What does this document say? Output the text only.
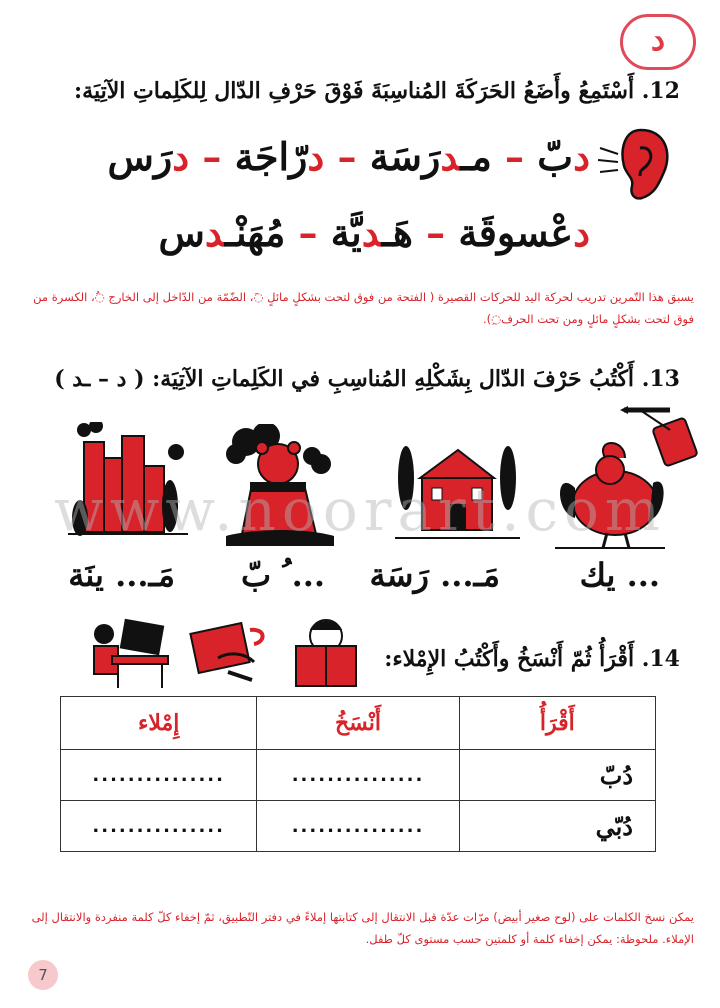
د
12. أَسْتَمِعُ وأَضَعُ الحَرَكَةَ المُناسِبَةَ فَوْقَ حَرْفِ الدّال لِلكَلِماتِ الآتِيَة:
دبّ – مـدرَسَة – درّاجَة – درَس
دعْسوقَة – هَـديَّة – مُهَنْـدس
يسبق هذا التّمرين تدريب لحركة اليد للحركات القصيرة ( الفتحة من فوق لتحت بشكلٍ مائلٍ ◌َ، الضّمّة من الدّاخل إلى الخارج ◌ُ، الكسرة من فوق لتحت بشكلٍ مائلٍ ومن تحت الحرف◌ِ).
13. أَكْتُبُ حَرْفَ الدّال بِشَكْلِهِ المُناسِبِ في الكَلِماتِ الآتِيَة: ( د – ـد )
www.noorart.com
... يك
مَـ... رَسَة
... ُ بّ
مَـ... ينَة
14. أَقْرَأُ ثُمّ أَنْسَخُ وأَكْتُبُ الإِمْلاء:
أَقْرَأُ	أَنْسَخُ	إِمْلاء
دُبّ	...............	...............
دُبّي	...............	...............
يمكن نسخ الكلمات على (لوح صغير أبيض) مرّات عدّة قبل الانتقال إلى كتابتها إملاءً في دفتر التّطبيق، ثمّ إخفاء كلّ كلمة منفردة والانتقال إلى الإملاء. ملحوظة: يمكن إخفاء كلمة أو كلمتين حسب مستوى كلّ طفل.
7
